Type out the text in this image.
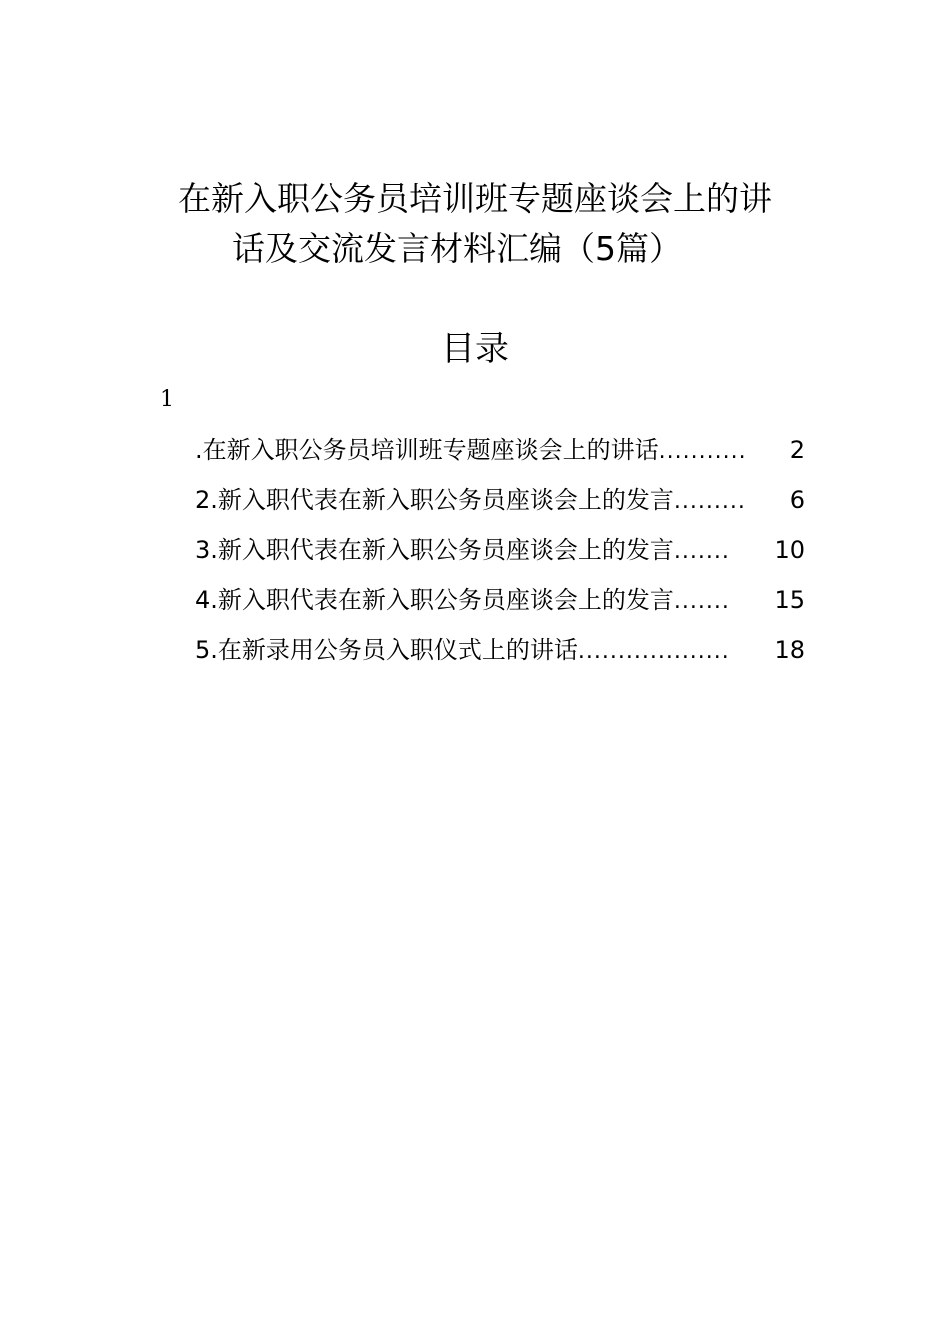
在新入职公务员培训班专题座谈会上的讲
话及交流发言材料汇编（5篇）
目录
1
.在新入职公务员培训班专题座谈会上的讲话 ...........	2
2.新入职代表在新入职公务员座谈会上的发言 .........	6
3.新入职代表在新入职公务员座谈会上的发言 .......	10
4.新入职代表在新入职公务员座谈会上的发言 .......	15
5.在新录用公务员入职仪式上的讲话 ...................	18
